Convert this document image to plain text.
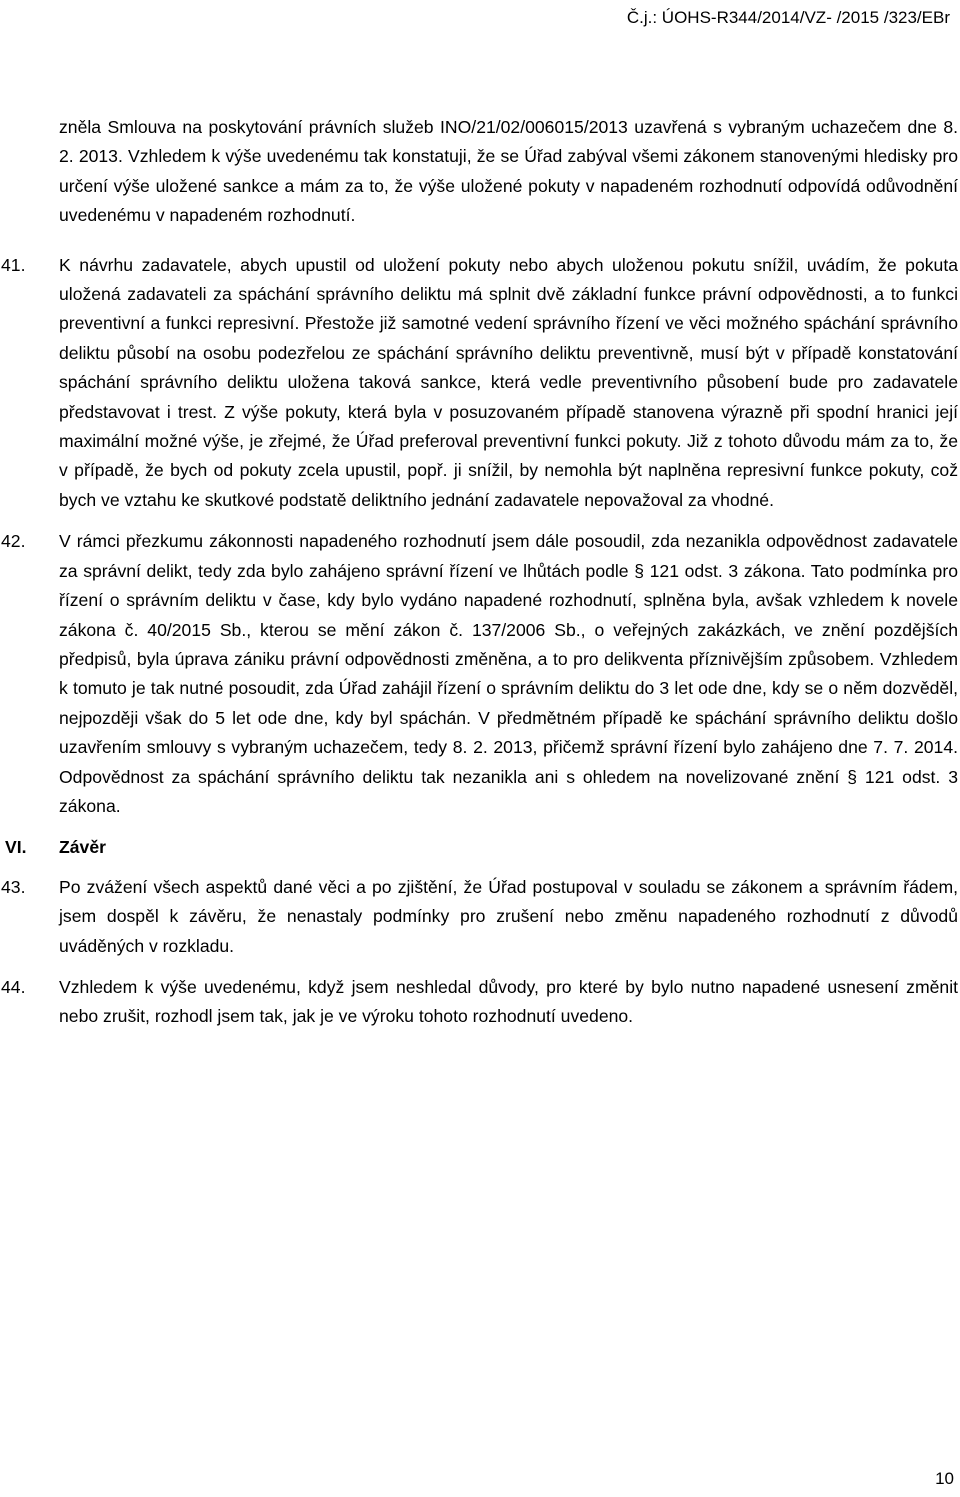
Č.j.: ÚOHS-R344/2014/VZ- /2015 /323/EBr

zněla Smlouva na poskytování právních služeb INO/21/02/006015/2013 uzavřená s vybraným uchazečem dne 8. 2. 2013. Vzhledem k výše uvedenému tak konstatuji, že se Úřad zabýval všemi zákonem stanovenými hledisky pro určení výše uložené sankce a mám za to, že výše uložené pokuty v napadeném rozhodnutí odpovídá odůvodnění uvedenému v napadeném rozhodnutí.

41. K návrhu zadavatele, abych upustil od uložení pokuty nebo abych uloženou pokutu snížil, uvádím, že pokuta uložená zadavateli za spáchání správního deliktu má splnit dvě základní funkce právní odpovědnosti, a to funkci preventivní a funkci represivní. Přestože již samotné vedení správního řízení ve věci možného spáchání správního deliktu působí na osobu podezřelou ze spáchání správního deliktu preventivně, musí být v případě konstatování spáchání správního deliktu uložena taková sankce, která vedle preventivního působení bude pro zadavatele představovat i trest. Z výše pokuty, která byla v posuzovaném případě stanovena výrazně při spodní hranici její maximální možné výše, je zřejmé, že Úřad preferoval preventivní funkci pokuty. Již z tohoto důvodu mám za to, že v případě, že bych od pokuty zcela upustil, popř. ji snížil, by nemohla být naplněna represivní funkce pokuty, což bych ve vztahu ke skutkové podstatě deliktního jednání zadavatele nepovažoval za vhodné.

42. V rámci přezkumu zákonnosti napadeného rozhodnutí jsem dále posoudil, zda nezanikla odpovědnost zadavatele za správní delikt, tedy zda bylo zahájeno správní řízení ve lhůtách podle § 121 odst. 3 zákona. Tato podmínka pro řízení o správním deliktu v čase, kdy bylo vydáno napadené rozhodnutí, splněna byla, avšak vzhledem k novele zákona č. 40/2015 Sb., kterou se mění zákon č. 137/2006 Sb., o veřejných zakázkách, ve znění pozdějších předpisů, byla úprava zániku právní odpovědnosti změněna, a to pro delikventa příznivějším způsobem. Vzhledem k tomuto je tak nutné posoudit, zda Úřad zahájil řízení o správním deliktu do 3 let ode dne, kdy se o něm dozvěděl, nejpozději však do 5 let ode dne, kdy byl spáchán. V předmětném případě ke spáchání správního deliktu došlo uzavřením smlouvy s vybraným uchazečem, tedy 8. 2. 2013, přičemž správní řízení bylo zahájeno dne 7. 7. 2014. Odpovědnost za spáchání správního deliktu tak nezanikla ani s ohledem na novelizované znění § 121 odst. 3 zákona.

VI. Závěr
43. Po zvážení všech aspektů dané věci a po zjištění, že Úřad postupoval v souladu se zákonem a správním řádem, jsem dospěl k závěru, že nenastaly podmínky pro zrušení nebo změnu napadeného rozhodnutí z důvodů uváděných v rozkladu.

44. Vzhledem k výše uvedenému, když jsem neshledal důvody, pro které by bylo nutno napadené usnesení změnit nebo zrušit, rozhodl jsem tak, jak je ve výroku tohoto rozhodnutí uvedeno.

10
